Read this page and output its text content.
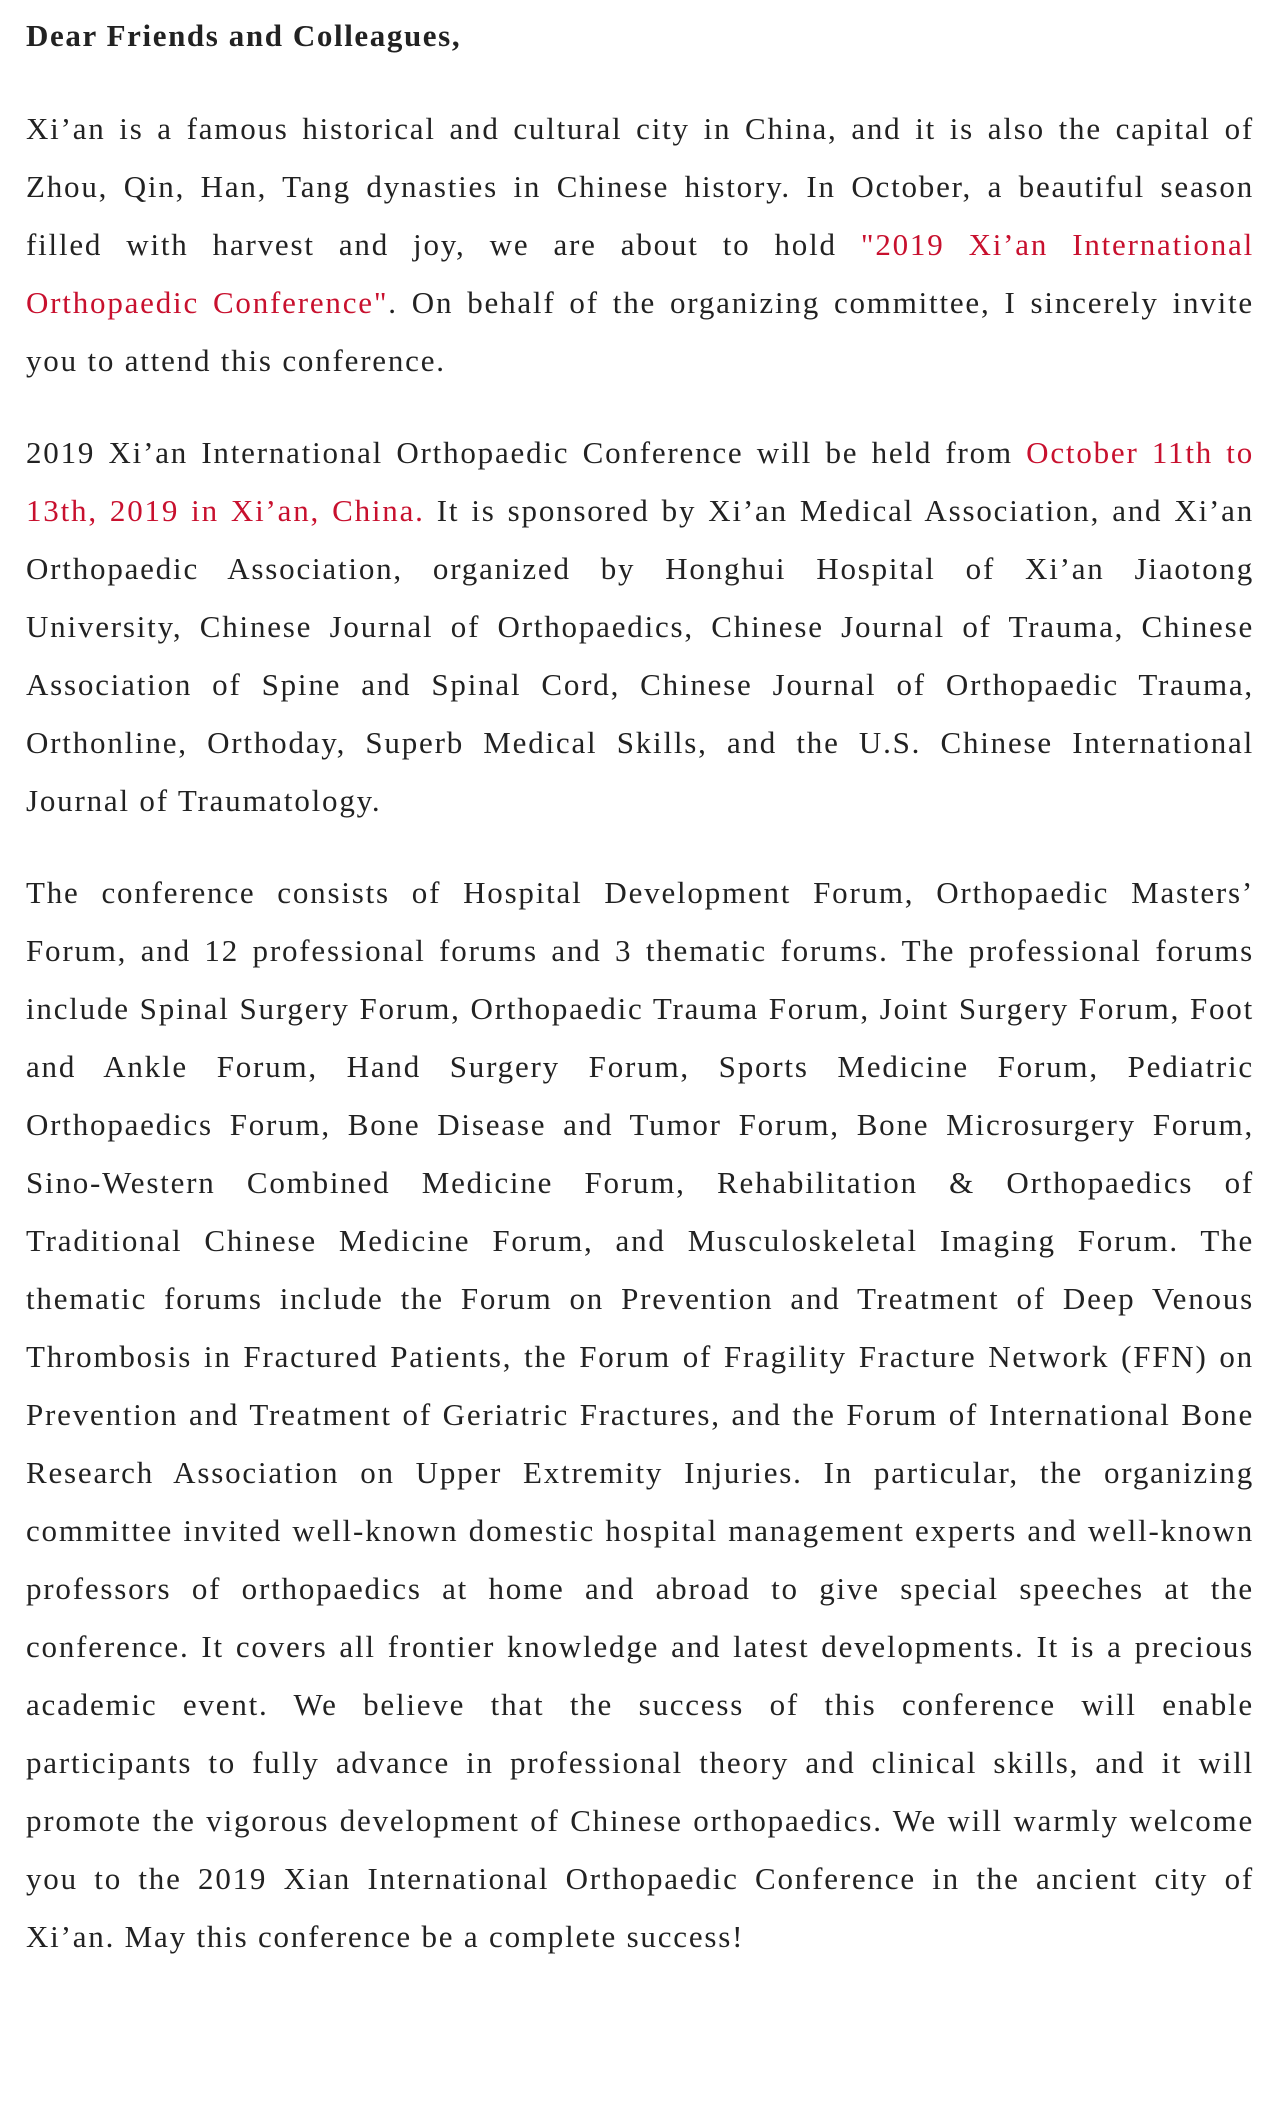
Dear Friends and Colleagues,

Xi’an is a famous historical and cultural city in China, and it is also the capital of Zhou, Qin, Han, Tang dynasties in Chinese history. In October, a beautiful season filled with harvest and joy, we are about to hold "2019 Xi’an International Orthopaedic Conference". On behalf of the organizing committee, I sincerely invite you to attend this conference.

2019 Xi’an International Orthopaedic Conference will be held from October 11th to 13th, 2019 in Xi’an, China. It is sponsored by Xi’an Medical Association, and Xi’an Orthopaedic Association, organized by Honghui Hospital of Xi’an Jiaotong University, Chinese Journal of Orthopaedics, Chinese Journal of Trauma, Chinese Association of Spine and Spinal Cord, Chinese Journal of Orthopaedic Trauma, Orthonline, Orthoday, Superb Medical Skills, and the U.S. Chinese International Journal of Traumatology.

The conference consists of Hospital Development Forum, Orthopaedic Masters’ Forum, and 12 professional forums and 3 thematic forums. The professional forums include Spinal Surgery Forum, Orthopaedic Trauma Forum, Joint Surgery Forum, Foot and Ankle Forum, Hand Surgery Forum, Sports Medicine Forum, Pediatric Orthopaedics Forum, Bone Disease and Tumor Forum, Bone Microsurgery Forum, Sino-Western Combined Medicine Forum, Rehabilitation & Orthopaedics of Traditional Chinese Medicine Forum, and Musculoskeletal Imaging Forum. The thematic forums include the Forum on Prevention and Treatment of Deep Venous Thrombosis in Fractured Patients, the Forum of Fragility Fracture Network (FFN) on Prevention and Treatment of Geriatric Fractures, and the Forum of International Bone Research Association on Upper Extremity Injuries. In particular, the organizing committee invited well-known domestic hospital management experts and well-known professors of orthopaedics at home and abroad to give special speeches at the conference. It covers all frontier knowledge and latest developments. It is a precious academic event. We believe that the success of this conference will enable participants to fully advance in professional theory and clinical skills, and it will promote the vigorous development of Chinese orthopaedics. We will warmly welcome you to the 2019 Xian International Orthopaedic Conference in the ancient city of Xi’an. May this conference be a complete success!
